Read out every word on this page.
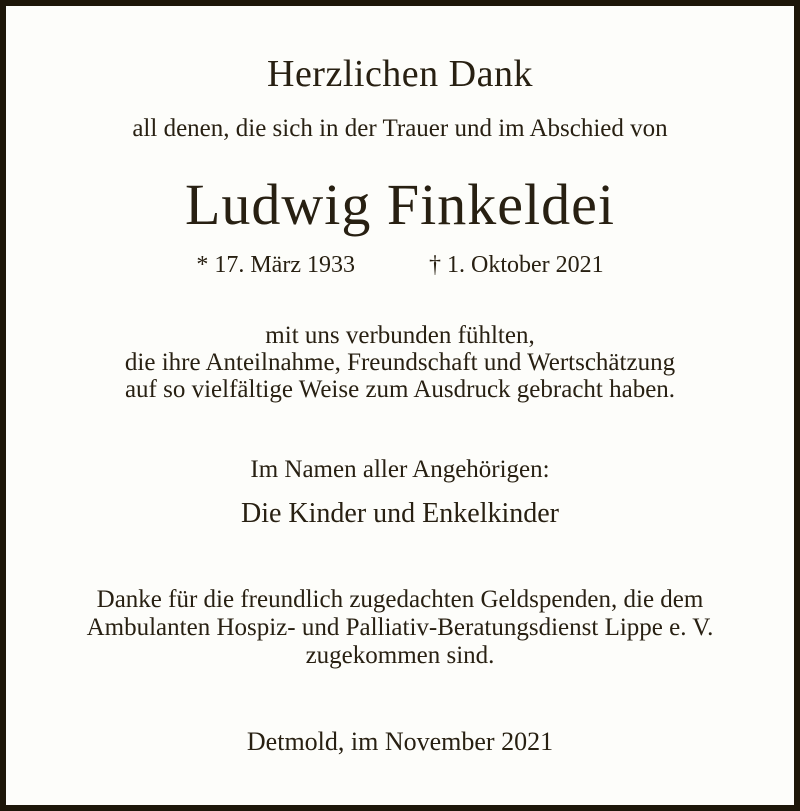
Herzlichen Dank
all denen, die sich in der Trauer und im Abschied von
Ludwig Finkeldei
* 17. März 1933	† 1. Oktober 2021
mit uns verbunden fühlten,
die ihre Anteilnahme, Freundschaft und Wertschätzung
auf so vielfältige Weise zum Ausdruck gebracht haben.
Im Namen aller Angehörigen:
Die Kinder und Enkelkinder
Danke für die freundlich zugedachten Geldspenden, die dem
Ambulanten Hospiz- und Palliativ-Beratungsdienst Lippe e. V.
zugekommen sind.
Detmold, im November 2021
